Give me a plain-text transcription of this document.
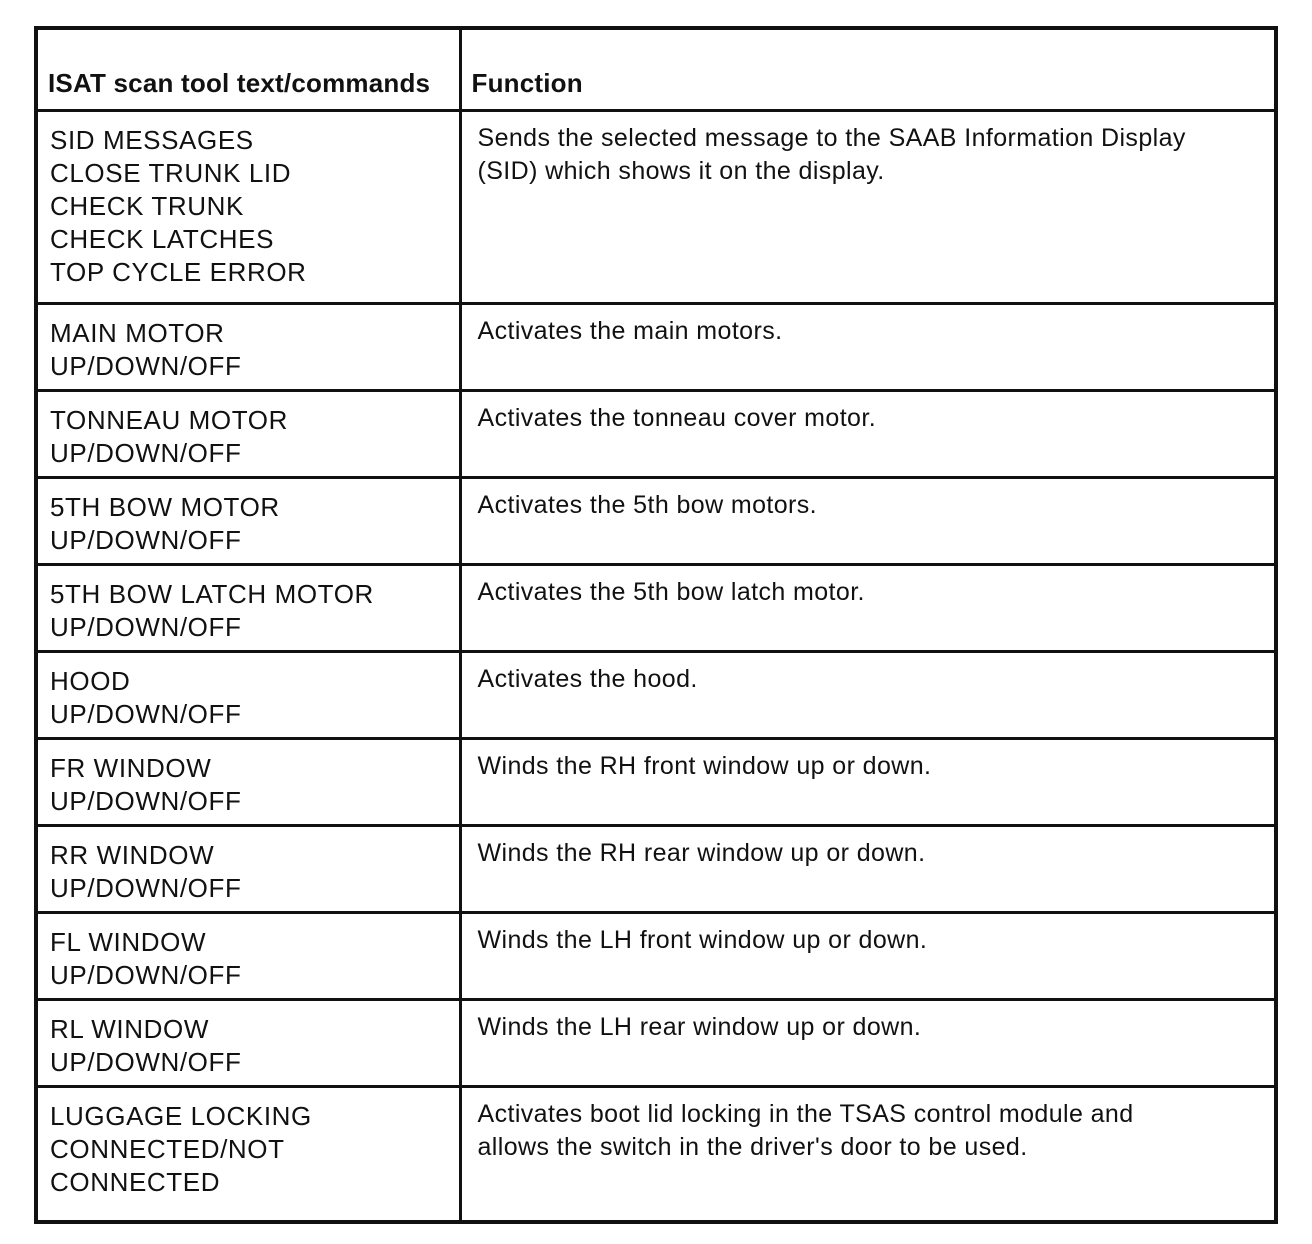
ISAT scan tool text/commands	Function

SID MESSAGES
CLOSE TRUNK LID
CHECK TRUNK
CHECK LATCHES
TOP CYCLE ERROR	Sends the selected message to the SAAB Information Display
(SID) which shows it on the display.

MAIN MOTOR
UP/DOWN/OFF	Activates the main motors.

TONNEAU MOTOR
UP/DOWN/OFF	Activates the tonneau cover motor.

5TH BOW MOTOR
UP/DOWN/OFF	Activates the 5th bow motors.

5TH BOW LATCH MOTOR
UP/DOWN/OFF	Activates the 5th bow latch motor.

HOOD
UP/DOWN/OFF	Activates the hood.

FR WINDOW
UP/DOWN/OFF	Winds the RH front window up or down.

RR WINDOW
UP/DOWN/OFF	Winds the RH rear window up or down.

FL WINDOW
UP/DOWN/OFF	Winds the LH front window up or down.

RL WINDOW
UP/DOWN/OFF	Winds the LH rear window up or down.

LUGGAGE LOCKING
CONNECTED/NOT
CONNECTED	Activates boot lid locking in the TSAS control module and
allows the switch in the driver's door to be used.
